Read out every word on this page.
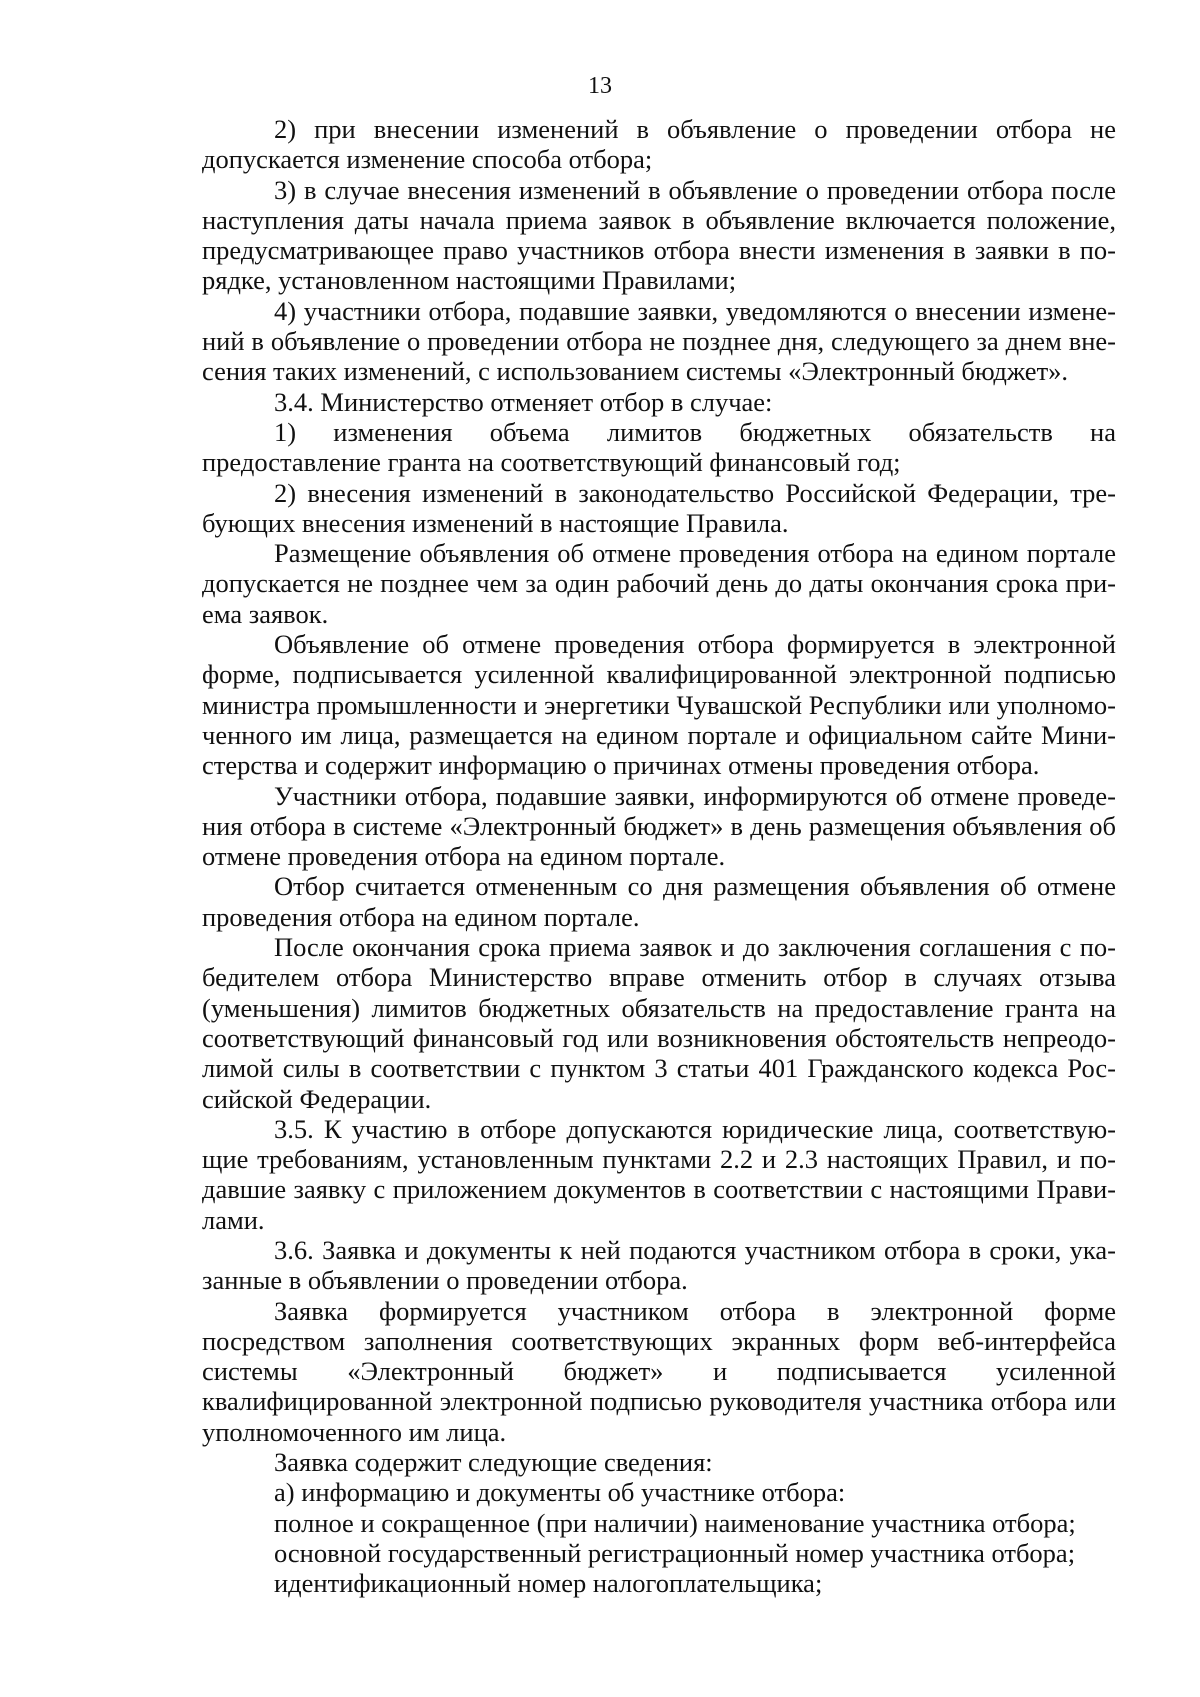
13

2) при внесении изменений в объявление о проведении отбора не допускается изменение способа отбора;

3) в случае внесения изменений в объявление о проведении отбора после наступления даты начала приема заявок в объявление включается положение, предусматривающее право участников отбора внести изменения в заявки в порядке, установленном настоящими Правилами;

4) участники отбора, подавшие заявки, уведомляются о внесении изменений в объявление о проведении отбора не позднее дня, следующего за днем внесения таких изменений, с использованием системы «Электронный бюджет».

3.4. Министерство отменяет отбор в случае:

1) изменения объема лимитов бюджетных обязательств на предоставление гранта на соответствующий финансовый год;

2) внесения изменений в законодательство Российской Федерации, требующих внесения изменений в настоящие Правила.

Размещение объявления об отмене проведения отбора на едином портале допускается не позднее чем за один рабочий день до даты окончания срока приема заявок.

Объявление об отмене проведения отбора формируется в электронной форме, подписывается усиленной квалифицированной электронной подписью министра промышленности и энергетики Чувашской Республики или уполномоченного им лица, размещается на едином портале и официальном сайте Министерства и содержит информацию о причинах отмены проведения отбора.

Участники отбора, подавшие заявки, информируются об отмене проведения отбора в системе «Электронный бюджет» в день размещения объявления об отмене проведения отбора на едином портале.

Отбор считается отмененным со дня размещения объявления об отмене проведения отбора на едином портале.

После окончания срока приема заявок и до заключения соглашения с победителем отбора Министерство вправе отменить отбор в случаях отзыва (уменьшения) лимитов бюджетных обязательств на предоставление гранта на соответствующий финансовый год или возникновения обстоятельств непреодолимой силы в соответствии с пунктом 3 статьи 401 Гражданского кодекса Российской Федерации.

3.5. К участию в отборе допускаются юридические лица, соответствующие требованиям, установленным пунктами 2.2 и 2.3 настоящих Правил, и подавшие заявку с приложением документов в соответствии с настоящими Правилами.

3.6. Заявка и документы к ней подаются участником отбора в сроки, указанные в объявлении о проведении отбора.

Заявка формируется участником отбора в электронной форме посредством заполнения соответствующих экранных форм веб-интерфейса системы «Электронный бюджет» и подписывается усиленной квалифицированной электронной подписью руководителя участника отбора или уполномоченного им лица.

Заявка содержит следующие сведения:

а) информацию и документы об участнике отбора:

полное и сокращенное (при наличии) наименование участника отбора;

основной государственный регистрационный номер участника отбора;

идентификационный номер налогоплательщика;
